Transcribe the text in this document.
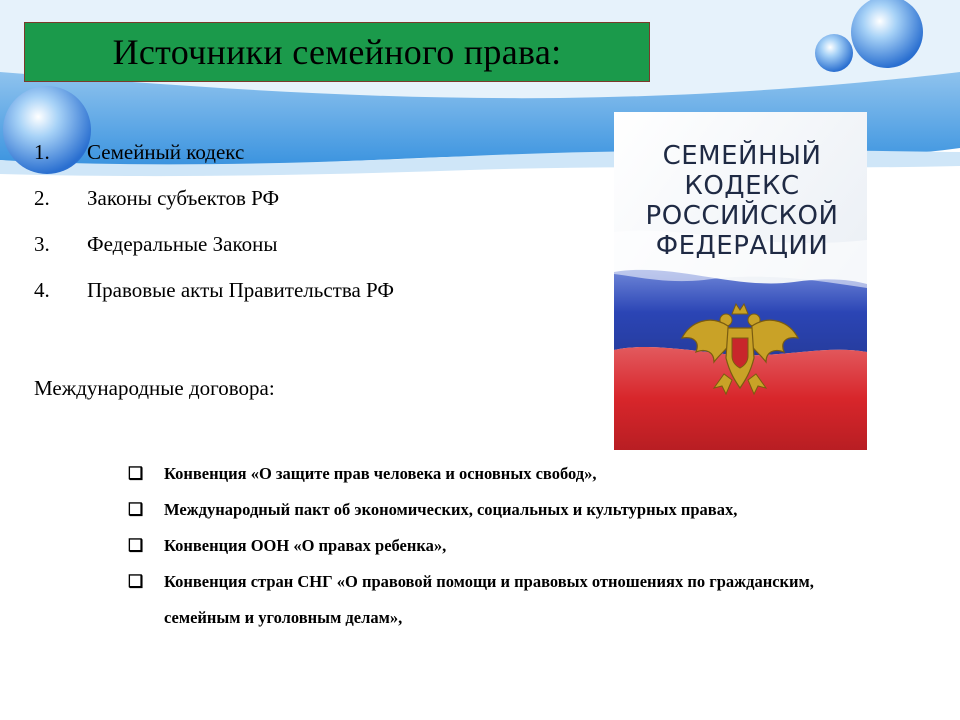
Источники семейного права:
1.	Семейный кодекс
2.	Законы субъектов РФ
3.	Федеральные Законы
4.	Правовые акты Правительства РФ
Международные договора:
❑	Конвенция «О защите прав человека и основных свобод»,
❑	Международный пакт об экономических, социальных и культурных правах,
❑	Конвенция ООН «О правах ребенка»,
❑	Конвенция стран СНГ «О правовой помощи и правовых отношениях по гражданским, семейным и уголовным делам»,
СЕМЕЙНЫЙ
КОДЕКС
РОССИЙСКОЙ
ФЕДЕРАЦИИ
